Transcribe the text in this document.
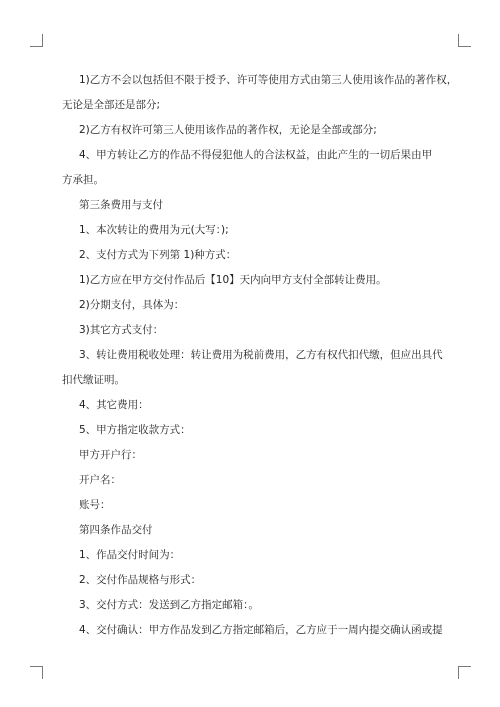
1)乙方不会以包括但不限于授予、许可等使用方式由第三人使用该作品的著作权，

无论是全部还是部分;

2)乙方有权许可第三人使用该作品的著作权，无论是全部或部分;

4、甲方转让乙方的作品不得侵犯他人的合法权益，由此产生的一切后果由甲

方承担。

第三条费用与支付

1、本次转让的费用为元(大写：);

2、支付方式为下列第 1)种方式：

1)乙方应在甲方交付作品后【10】天内向甲方支付全部转让费用。

2)分期支付，具体为：

3)其它方式支付：

3、转让费用税收处理：转让费用为税前费用，乙方有权代扣代缴，但应出具代

扣代缴证明。

4、其它费用：

5、甲方指定收款方式：

甲方开户行：

开户名：

账号：

第四条作品交付

1、作品交付时间为：

2、交付作品规格与形式：

3、交付方式：发送到乙方指定邮箱：。

4、交付确认：甲方作品发到乙方指定邮箱后，乙方应于一周内提交确认函或提
